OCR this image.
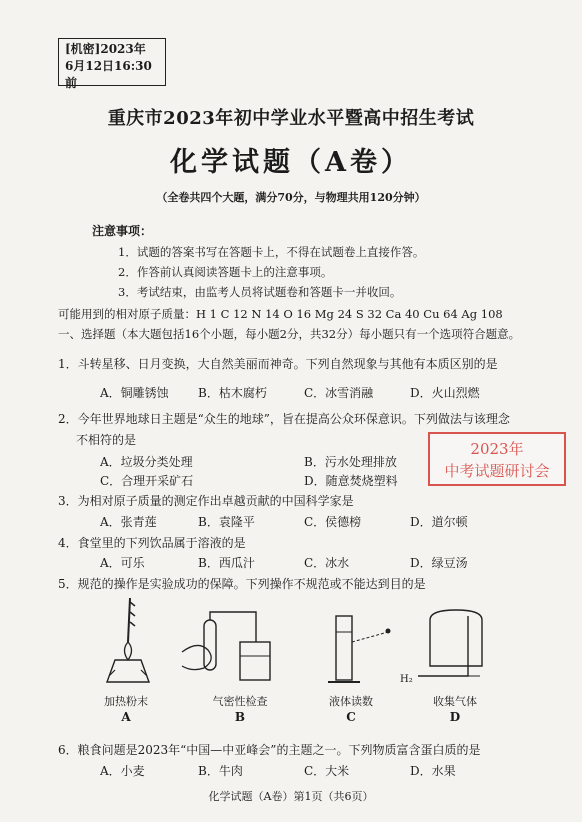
[机密]2023年
6月12日16:30前
重庆市2023年初中学业水平暨高中招生考试
化学试题（A卷）
（全卷共四个大题，满分70分，与物理共用120分钟）
注意事项：
1．试题的答案书写在答题卡上，不得在试题卷上直接作答。
2．作答前认真阅读答题卡上的注意事项。
3．考试结束，由监考人员将试题卷和答题卡一并收回。
可能用到的相对原子质量：H 1 C 12 N 14 O 16 Mg 24 S 32 Ca 40 Cu 64 Ag 108
一、选择题（本大题包括16个小题，每小题2分，共32分）每小题只有一个选项符合题意。
1．斗转星移、日月变换，大自然美丽而神奇。下列自然现象与其他有本质区别的是
A．铜雕锈蚀 B．枯木腐朽	C．冰雪消融	D．火山烈燃
2．今年世界地球日主题是“众生的地球”，旨在提高公众环保意识。下列做法与该理念
不相符的是
A．垃圾分类处理	B．污水处理排放
C．合理开采矿石	D．随意焚烧塑料
3．为相对原子质量的测定作出卓越贡献的中国科学家是
A．张青莲	B．袁隆平	C．侯德榜	D．道尔顿
4．食堂里的下列饮品属于溶液的是
A．可乐	B．西瓜汁	C．冰水	D．绿豆汤
2023年
中考试题研讨会
5．规范的操作是实验成功的保障。下列操作不规范或不能达到目的是
加热粉末
A
气密性检查
B
液体读数
C
H₂
收集气体
D
6．粮食问题是2023年“中国—中亚峰会”的主题之一。下列物质富含蛋白质的是
A．小麦	B．牛肉	C．大米	D．水果
化学试题（A卷）第1页（共6页）
